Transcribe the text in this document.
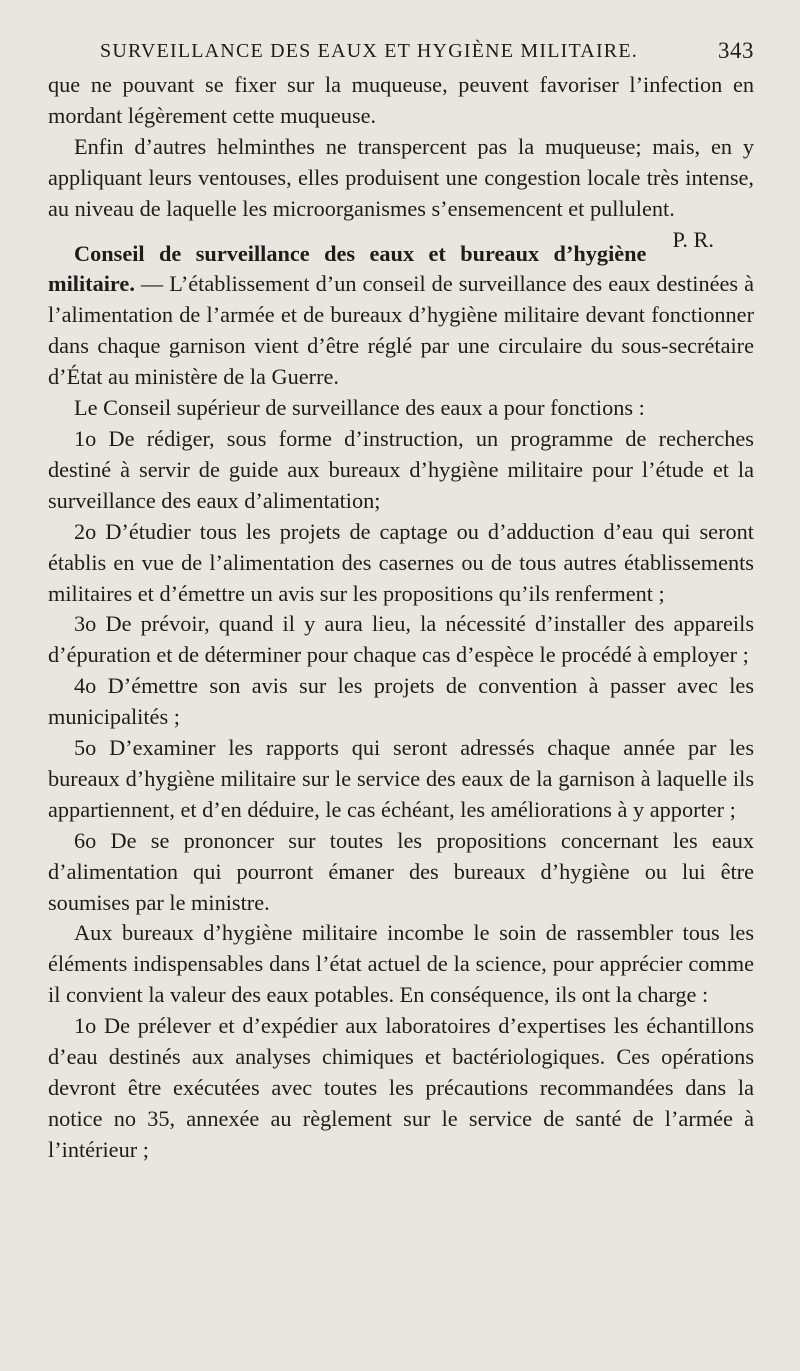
SURVEILLANCE DES EAUX ET HYGIÈNE MILITAIRE.	343

que ne pouvant se fixer sur la muqueuse, peuvent favoriser l’infection en mordant légèrement cette muqueuse.

Enfin d’autres helminthes ne transpercent pas la muqueuse; mais, en y appliquant leurs ventouses, elles produisent une congestion locale très intense, au niveau de laquelle les microorganismes s’ensemencent et pullulent.
P. R.

Conseil de surveillance des eaux et bureaux d’hygiène militaire. — L’établissement d’un conseil de surveillance des eaux destinées à l’alimentation de l’armée et de bureaux d’hygiène militaire devant fonctionner dans chaque garnison vient d’être réglé par une circulaire du sous-secrétaire d’État au ministère de la Guerre.

Le Conseil supérieur de surveillance des eaux a pour fonctions :

1o De rédiger, sous forme d’instruction, un programme de recherches destiné à servir de guide aux bureaux d’hygiène militaire pour l’étude et la surveillance des eaux d’alimentation;

2o D’étudier tous les projets de captage ou d’adduction d’eau qui seront établis en vue de l’alimentation des casernes ou de tous autres établissements militaires et d’émettre un avis sur les propositions qu’ils renferment ;

3o De prévoir, quand il y aura lieu, la nécessité d’installer des appareils d’épuration et de déterminer pour chaque cas d’espèce le procédé à employer ;

4o D’émettre son avis sur les projets de convention à passer avec les municipalités ;

5o D’examiner les rapports qui seront adressés chaque année par les bureaux d’hygiène militaire sur le service des eaux de la garnison à laquelle ils appartiennent, et d’en déduire, le cas échéant, les améliorations à y apporter ;

6o De se prononcer sur toutes les propositions concernant les eaux d’alimentation qui pourront émaner des bureaux d’hygiène ou lui être soumises par le ministre.

Aux bureaux d’hygiène militaire incombe le soin de rassembler tous les éléments indispensables dans l’état actuel de la science, pour apprécier comme il convient la valeur des eaux potables. En conséquence, ils ont la charge :

1o De prélever et d’expédier aux laboratoires d’expertises les échantillons d’eau destinés aux analyses chimiques et bactériologiques. Ces opérations devront être exécutées avec toutes les précautions recommandées dans la notice no 35, annexée au règlement sur le service de santé de l’armée à l’intérieur ;
